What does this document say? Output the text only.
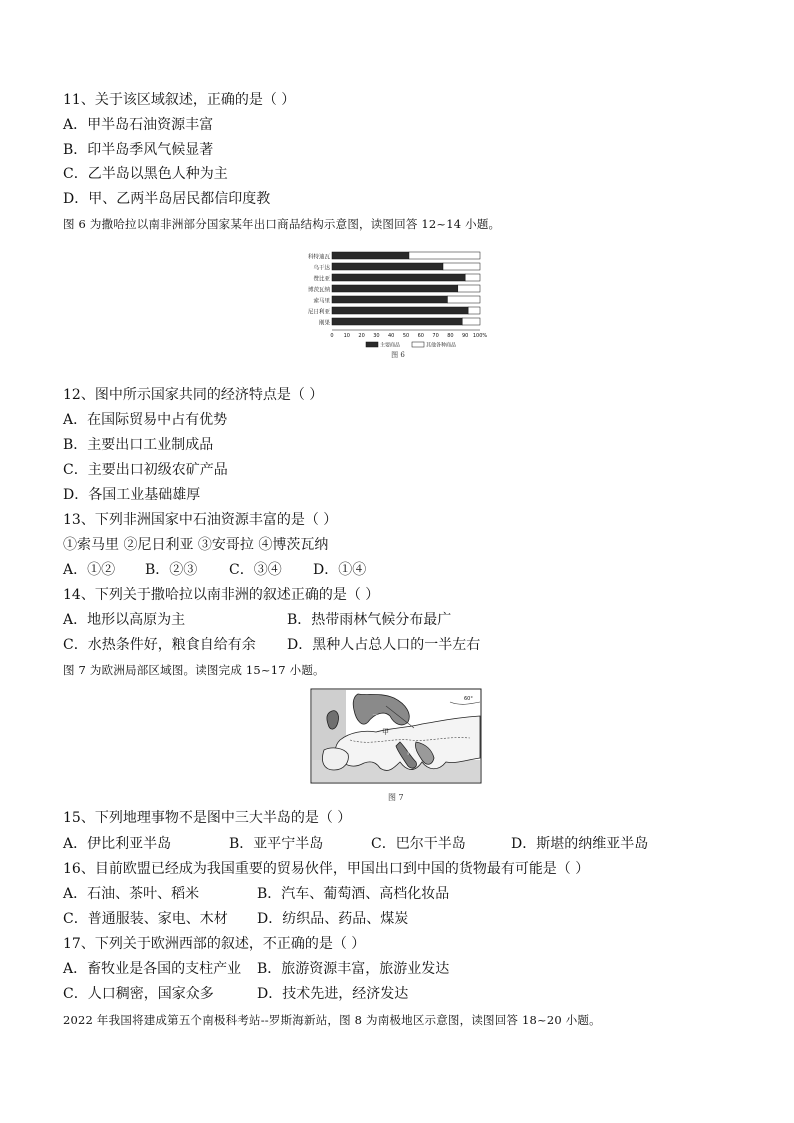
11、关于该区域叙述，正确的是（ ）
A．甲半岛石油资源丰富
B．印半岛季风气候显著
C．乙半岛以黑色人种为主
D．甲、乙两半岛居民都信印度教
图 6 为撒哈拉以南非洲部分国家某年出口商品结构示意图，读图回答 12~14 小题。
科特迪瓦
乌干达
赞比亚
博茨瓦纳
索马里
尼日利亚
刚果
0 10 20 30 40 50 60 70 80 90 100%
主要商品	其他各种商品
图 6
12、图中所示国家共同的经济特点是（ ）
A．在国际贸易中占有优势
B．主要出口工业制成品
C．主要出口初级农矿产品
D．各国工业基础雄厚
13、下列非洲国家中石油资源丰富的是（ ）
①索马里 ②尼日利亚 ③安哥拉 ④博茨瓦纳
A．①② B．②③ C．③④ D．①④
14、下列关于撒哈拉以南非洲的叙述正确的是（ ）
A．地形以高原为主	B．热带雨林气候分布最广
C．水热条件好，粮食自给有余 D．黑种人占总人口的一半左右
图 7 为欧洲局部区域图。读图完成 15~17 小题。
乙
甲
丙
60°
图 7
15、下列地理事物不是图中三大半岛的是（ ）
A．伊比利亚半岛	B．亚平宁半岛	C．巴尔干半岛	D．斯堪的纳维亚半岛
16、目前欧盟已经成为我国重要的贸易伙伴，甲国出口到中国的货物最有可能是（ ）
A．石油、茶叶、稻米	B．汽车、葡萄酒、高档化妆品
C．普通服装、家电、木材 D．纺织品、药品、煤炭
17、下列关于欧洲西部的叙述，不正确的是（ ）
A．畜牧业是各国的支柱产业 B．旅游资源丰富，旅游业发达
C．人口稠密，国家众多	D．技术先进，经济发达
2022 年我国将建成第五个南极科考站--罗斯海新站，图 8 为南极地区示意图，读图回答 18~20 小题。
